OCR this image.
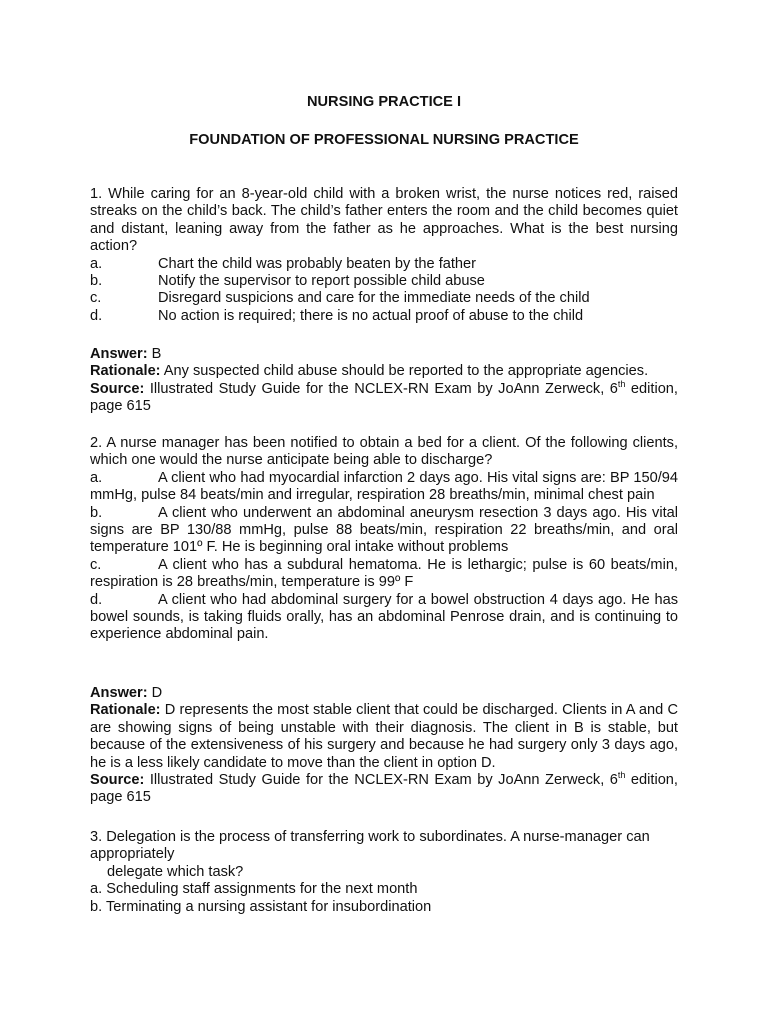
NURSING PRACTICE I
FOUNDATION OF PROFESSIONAL NURSING PRACTICE

1. While caring for an 8-year-old child with a broken wrist, the nurse notices red, raised streaks on the child’s back. The child’s father enters the room and the child becomes quiet and distant, leaning away from the father as he approaches. What is the best nursing action?

a.	Chart the child was probably beaten by the father
b.	Notify the supervisor to report possible child abuse
c.	Disregard suspicions and care for the immediate needs of the child
d.	No action is required; there is no actual proof of abuse to the child

Answer: B

Rationale: Any suspected child abuse should be reported to the appropriate agencies.

Source: Illustrated Study Guide for the NCLEX-RN Exam by JoAnn Zerweck, 6th edition, page 615

2. A nurse manager has been notified to obtain a bed for a client. Of the following clients, which one would the nurse anticipate being able to discharge?

a.	A client who had myocardial infarction 2 days ago. His vital signs are: BP 150/94 mmHg, pulse 84 beats/min and irregular, respiration 28 breaths/min, minimal chest pain

b.	A client who underwent an abdominal aneurysm resection 3 days ago. His vital signs are BP 130/88 mmHg, pulse 88 beats/min, respiration 22 breaths/min, and oral temperature 101º F. He is beginning oral intake without problems

c.	A client who has a subdural hematoma. He is lethargic; pulse is 60 beats/min, respiration is 28 breaths/min, temperature is 99º F

d.	A client who had abdominal surgery for a bowel obstruction 4 days ago. He has bowel sounds, is taking fluids orally, has an abdominal Penrose drain, and is continuing to experience abdominal pain.

Answer: D

Rationale: D represents the most stable client that could be discharged. Clients in A and C are showing signs of being unstable with their diagnosis. The client in B is stable, but because of the extensiveness of his surgery and because he had surgery only 3 days ago, he is a less likely candidate to move than the client in option D.

Source: Illustrated Study Guide for the NCLEX-RN Exam by JoAnn Zerweck, 6th edition, page 615

3. Delegation is the process of transferring work to subordinates. A nurse-manager can appropriately

delegate which task?

a. Scheduling staff assignments for the next month

b. Terminating a nursing assistant for insubordination
